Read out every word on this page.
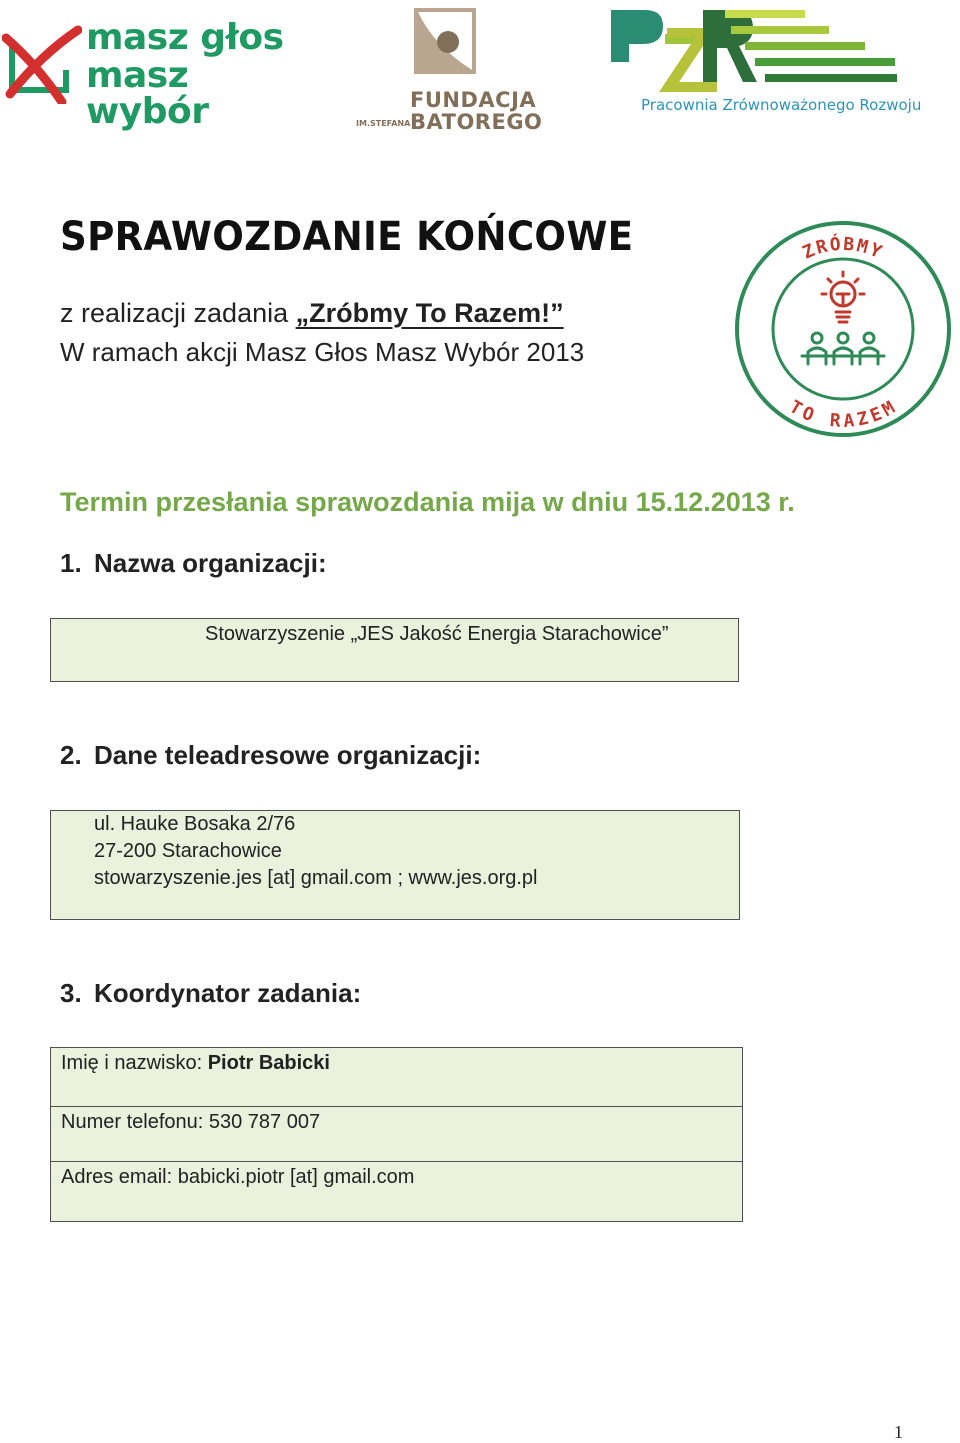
masz głos
masz wybór	IM.STEFANA
FUNDACJA
BATOREGO
Pracownia Zrównoważonego Rozwoju
ZRÓBMY
TO RAZEM
SPRAWOZDANIE KOŃCOWE
z realizacji zadania „Zróbmy To Razem!”
W ramach akcji Masz Głos Masz Wybór 2013
Termin przesłania sprawozdania mija w dniu 15.12.2013 r.
1. Nazwa organizacji:
Stowarzyszenie „JES Jakość Energia Starachowice”
2. Dane teleadresowe organizacji:
ul. Hauke Bosaka 2/76
27-200 Starachowice
stowarzyszenie.jes [at] gmail.com ; www.jes.org.pl
3. Koordynator zadania:
Imię i nazwisko: Piotr Babicki
Numer telefonu: 530 787 007
Adres email: babicki.piotr [at] gmail.com
1
